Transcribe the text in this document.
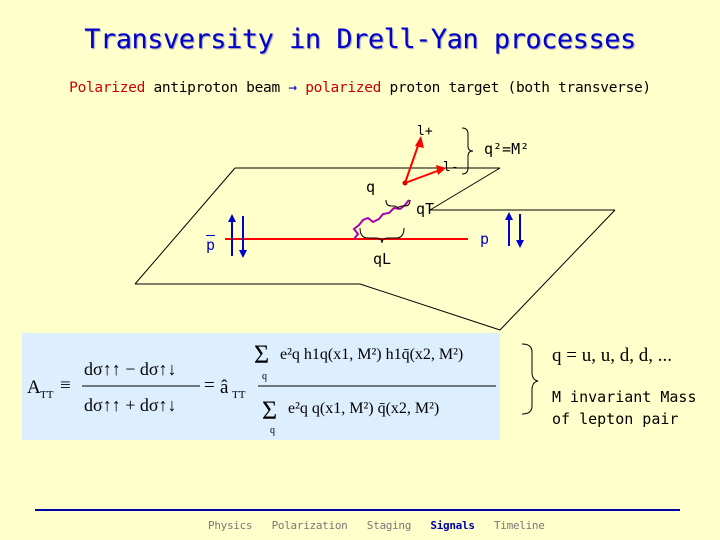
Transversity in Drell-Yan processes
Polarized antiproton beam → polarized proton target (both transverse)
l+
l-
q²=M²
q
qT
qL
$\overline{p}$	p
A TT ≡
dσ↑↑ − dσ↑↓
dσ↑↑ + dσ↑↓
= â TT
Σ
q
e²q h1q(x1, M²) h1q̄(x2, M²)
Σ
q
e²q q(x1, M²) q̄(x2, M²)
q = u, u, d, d, ...
M invariant Mass
of lepton pair
Physics Polarization Staging Signals Timeline
